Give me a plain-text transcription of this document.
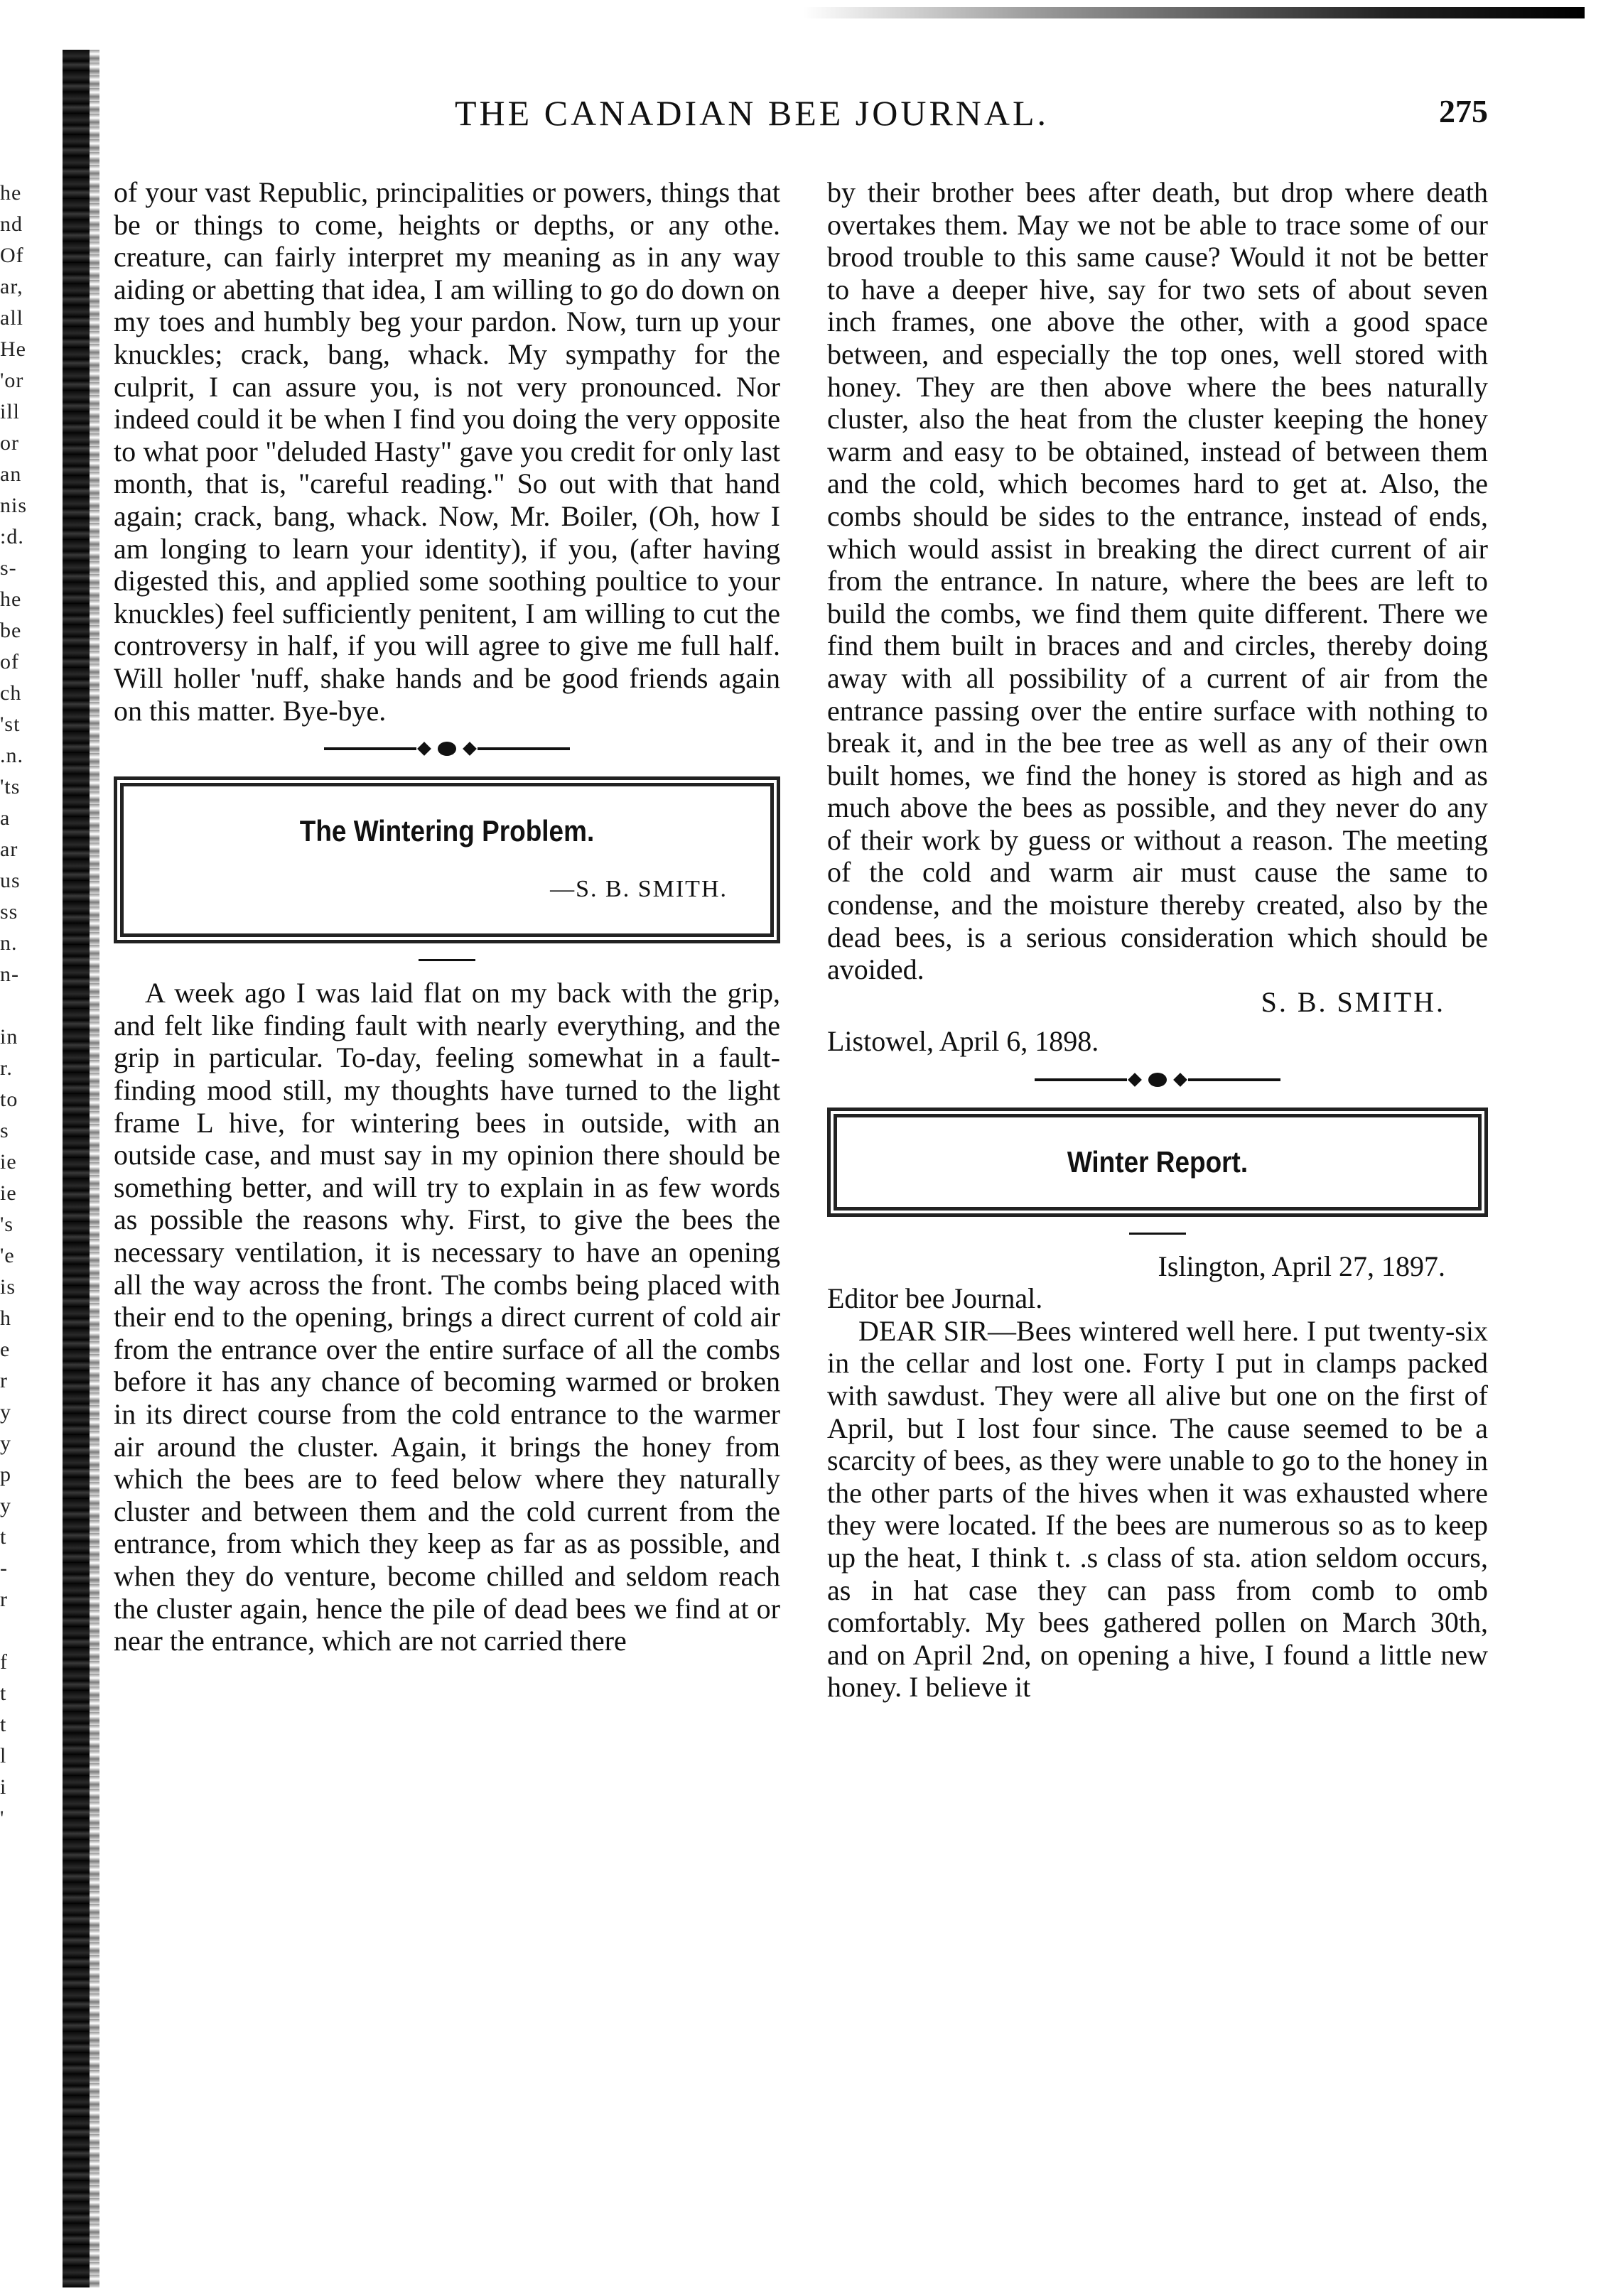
he
nd
Of
ar,
all
He
'or
ill
or
an
nis
:d.
s-
he
be
of
ch
'st
.n.
'ts
a
ar
us
ss
n.
n-
in
r.
to
s
ie
ie
's
'e
is
h
e
r
y
y
p
y
t
-
r
f
t
t
l
i
'
THE CANADIAN BEE JOURNAL.	275

of your vast Republic, principalities or powers, things that be or things to come, heights or depths, or any othe. creature, can fairly interpret my meaning as in any way aiding or abetting that idea, I am willing to go do down on my toes and humbly beg your pardon. Now, turn up your knuckles; crack, bang, whack. My sympathy for the culprit, I can assure you, is not very pronounced. Nor indeed could it be when I find you doing the very opposite to what poor "deluded Hasty" gave you credit for only last month, that is, "careful reading." So out with that hand again; crack, bang, whack. Now, Mr. Boiler, (Oh, how I am longing to learn your identity), if you, (after having digested this, and applied some soothing poultice to your knuckles) feel sufficiently penitent, I am willing to cut the controversy in half, if you will agree to give me full half. Will holler 'nuff, shake hands and be good friends again on this matter. Bye-bye.

The Wintering Problem.
—S. B. SMITH.

A week ago I was laid flat on my back with the grip, and felt like finding fault with nearly everything, and the grip in particular. To-day, feeling somewhat in a fault-finding mood still, my thoughts have turned to the light frame L hive, for wintering bees in outside, with an outside case, and must say in my opinion there should be something better, and will try to explain in as few words as possible the reasons why. First, to give the bees the necessary ventilation, it is necessary to have an opening all the way across the front. The combs being placed with their end to the opening, brings a direct current of cold air from the entrance over the entire surface of all the combs before it has any chance of becoming warmed or broken in its direct course from the cold entrance to the warmer air around the cluster. Again, it brings the honey from which the bees are to feed below where they naturally cluster and between them and the cold current from the entrance, from which they keep as far as as possible, and when they do venture, become chilled and seldom reach the cluster again, hence the pile of dead bees we find at or near the entrance, which are not carried there

by their brother bees after death, but drop where death overtakes them. May we not be able to trace some of our brood trouble to this same cause? Would it not be better to have a deeper hive, say for two sets of about seven inch frames, one above the other, with a good space between, and especially the top ones, well stored with honey. They are then above where the bees naturally cluster, also the heat from the cluster keeping the honey warm and easy to be obtained, instead of between them and the cold, which becomes hard to get at. Also, the combs should be sides to the entrance, instead of ends, which would assist in breaking the direct current of air from the entrance. In nature, where the bees are left to build the combs, we find them quite different. There we find them built in braces and and circles, thereby doing away with all possibility of a current of air from the entrance passing over the entire surface with nothing to break it, and in the bee tree as well as any of their own built homes, we find the honey is stored as high and as much above the bees as possible, and they never do any of their work by guess or without a reason. The meeting of the cold and warm air must cause the same to condense, and the moisture thereby created, also by the dead bees, is a serious consideration which should be avoided.

S. B. SMITH.

Listowel, April 6, 1898.

Winter Report.

Islington, April 27, 1897.

Editor bee Journal.

DEAR SIR—Bees wintered well here. I put twenty-six in the cellar and lost one. Forty I put in clamps packed with sawdust. They were all alive but one on the first of April, but I lost four since. The cause seemed to be a scarcity of bees, as they were unable to go to the honey in the other parts of the hives when it was exhausted where they were located. If the bees are numerous so as to keep up the heat, I think t. .s class of sta. ation seldom occurs, as in hat case they can pass from comb to omb comfortably. My bees gathered pollen on March 30th, and on April 2nd, on opening a hive, I found a little new honey. I believe it
